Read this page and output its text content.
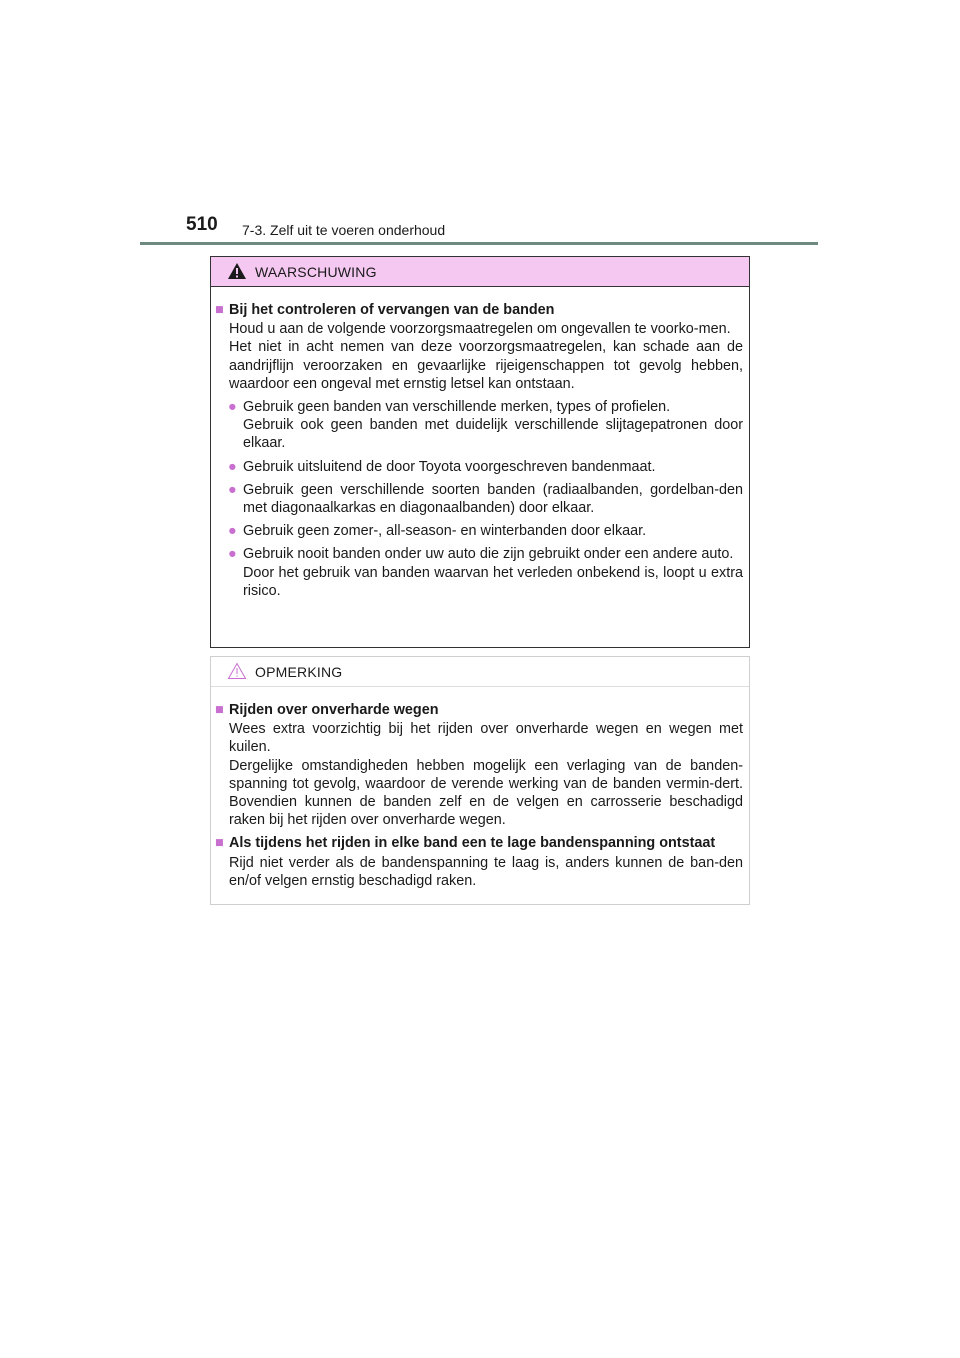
510 7-3. Zelf uit te voeren onderhoud
WAARSCHUWING
■ Bij het controleren of vervangen van de banden
Houd u aan de volgende voorzorgsmaatregelen om ongevallen te voorko-men.
Het niet in acht nemen van deze voorzorgsmaatregelen, kan schade aan de aandrijflijn veroorzaken en gevaarlijke rijeigenschappen tot gevolg hebben, waardoor een ongeval met ernstig letsel kan ontstaan.
● Gebruik geen banden van verschillende merken, types of profielen.
Gebruik ook geen banden met duidelijk verschillende slijtagepatronen door elkaar.
● Gebruik uitsluitend de door Toyota voorgeschreven bandenmaat.
● Gebruik geen verschillende soorten banden (radiaalbanden, gordelban-den met diagonaalkarkas en diagonaalbanden) door elkaar.
● Gebruik geen zomer-, all-season- en winterbanden door elkaar.
● Gebruik nooit banden onder uw auto die zijn gebruikt onder een andere auto.
Door het gebruik van banden waarvan het verleden onbekend is, loopt u extra risico.
OPMERKING
■ Rijden over onverharde wegen
Wees extra voorzichtig bij het rijden over onverharde wegen en wegen met kuilen.
Dergelijke omstandigheden hebben mogelijk een verlaging van de banden-spanning tot gevolg, waardoor de verende werking van de banden vermin-dert. Bovendien kunnen de banden zelf en de velgen en carrosserie beschadigd raken bij het rijden over onverharde wegen.
■ Als tijdens het rijden in elke band een te lage bandenspanning ontstaat
Rijd niet verder als de bandenspanning te laag is, anders kunnen de ban-den en/of velgen ernstig beschadigd raken.
